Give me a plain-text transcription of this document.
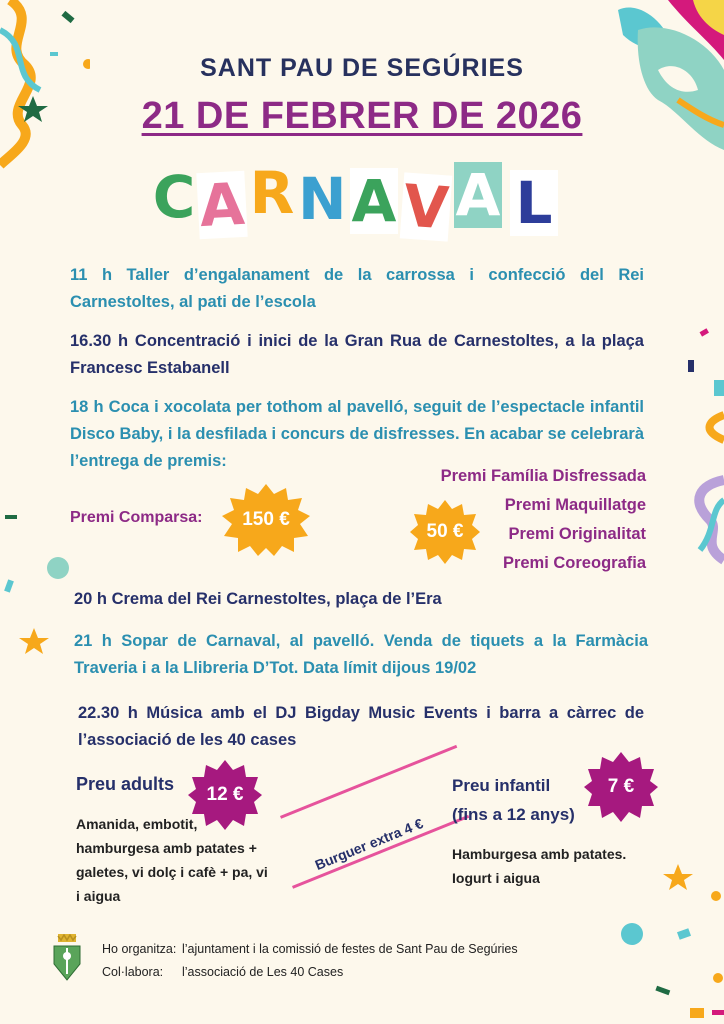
SANT PAU DE SEGÚRIES
21 DE FEBRER DE 2026
C A R N A V A L
11 h Taller d’engalanament de la carrossa i confecció del Rei Carnestoltes, al pati de l’escola
16.30 h Concentració i inici de la Gran Rua de Carnestoltes, a la plaça Francesc Estabanell
18 h Coca i xocolata per tothom al pavelló, seguit de l’espectacle infantil Disco Baby, i la desfilada i concurs de disfresses. En acabar se celebrarà l’entrega de premis:
Premi Comparsa:	150 €
50 €
Premi Família Disfressada
Premi Maquillatge
Premi Originalitat
Premi Coreografia
20 h Crema del Rei Carnestoltes, plaça de l’Era
21 h Sopar de Carnaval, al pavelló. Venda de tiquets a la Farmàcia Traveria i a la Llibreria D’Tot. Data límit dijous 19/02
22.30 h Música amb el DJ Bigday Music Events i barra a càrrec de l’associació de les 40 cases
Preu adults	12 €
Amanida, embotit, hamburgesa amb patates + galetes, vi dolç i cafè + pa, vi i aigua
Burguer extra 4 €
Preu infantil
(fins a 12 anys)
7 €
Hamburgesa amb patates. Iogurt i aigua
Ho organitza: l’ajuntament i la comissió de festes de Sant Pau de Segúries
Col·labora: l’associació de Les 40 Cases
